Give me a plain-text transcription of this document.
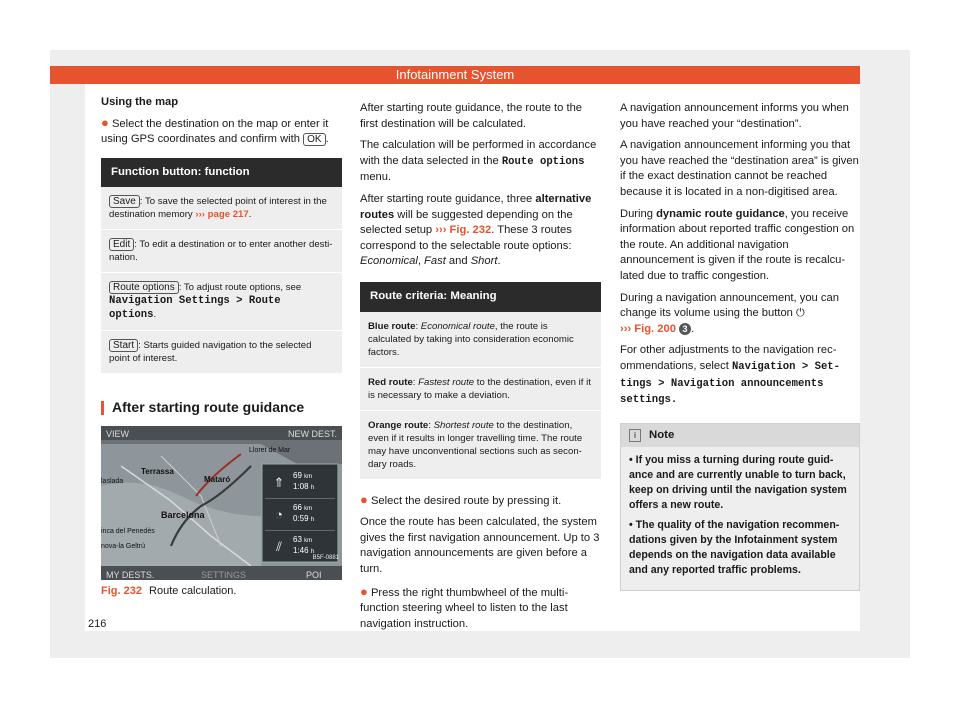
Infotainment System

Using the map

● Select the destination on the map or enter it using GPS coordinates and confirm with OK .

Function button: function
Save : To save the selected point of interest in the destination memory ››› page 217.
Edit : To edit a destination or to enter another destination.
Route options : To adjust route options, see Navigation Settings > Route options.
Start : Starts guided navigation to the selected point of interest.
After starting route guidance
VIEW	NEW DEST.
MY DESTS.	SETTINGS	POI
B5F-0881
Lloret de Mar
Terrassa
Mataró
Barcelona
laslada
inca del Penedès
nova-la Geltrú
⇑	69 km
1:08 h
◔	66 km
0:59 h
⫽	63 km
1:46 h
Fig. 232 Route calculation.

After starting route guidance, the route to the first destination will be calculated.

The calculation will be performed in accordance with the data selected in the Route options menu.

After starting route guidance, three alternative routes will be suggested depending on the selected setup ››› Fig. 232. These 3 routes correspond to the selectable route options: Economical, Fast and Short.

Route criteria: Meaning
Blue route: Economical route, the route is calculated by taking into consideration economic factors.
Red route: Fastest route to the destination, even if it is necessary to make a deviation.
Orange route: Shortest route to the destination, even if it results in longer travelling time. The route may have unconventional sections such as secondary roads.

● Select the desired route by pressing it.

Once the route has been calculated, the system gives the first navigation announcement. Up to 3 navigation announcements are given before a turn.

● Press the right thumbwheel of the multifunction steering wheel to listen to the last navigation instruction.

A navigation announcement informs you when you have reached your “destination”.

A navigation announcement informing you that you have reached the “destination area” is given if the exact destination cannot be reached because it is located in a non-digitised area.

During dynamic route guidance, you receive information about reported traffic congestion on the route. An additional navigation announcement is given if the route is recalculated due to traffic congestion.

During a navigation announcement, you can change its volume using the button ⏻
››› Fig. 200 3 .

For other adjustments to the navigation recommendations, select Navigation > Settings > Navigation announcements settings.

i	Note

• If you miss a turning during route guidance and are currently unable to turn back, keep on driving until the navigation system offers a new route.

• The quality of the navigation recommendations given by the Infotainment system depends on the navigation data available and any reported traffic problems.

216
